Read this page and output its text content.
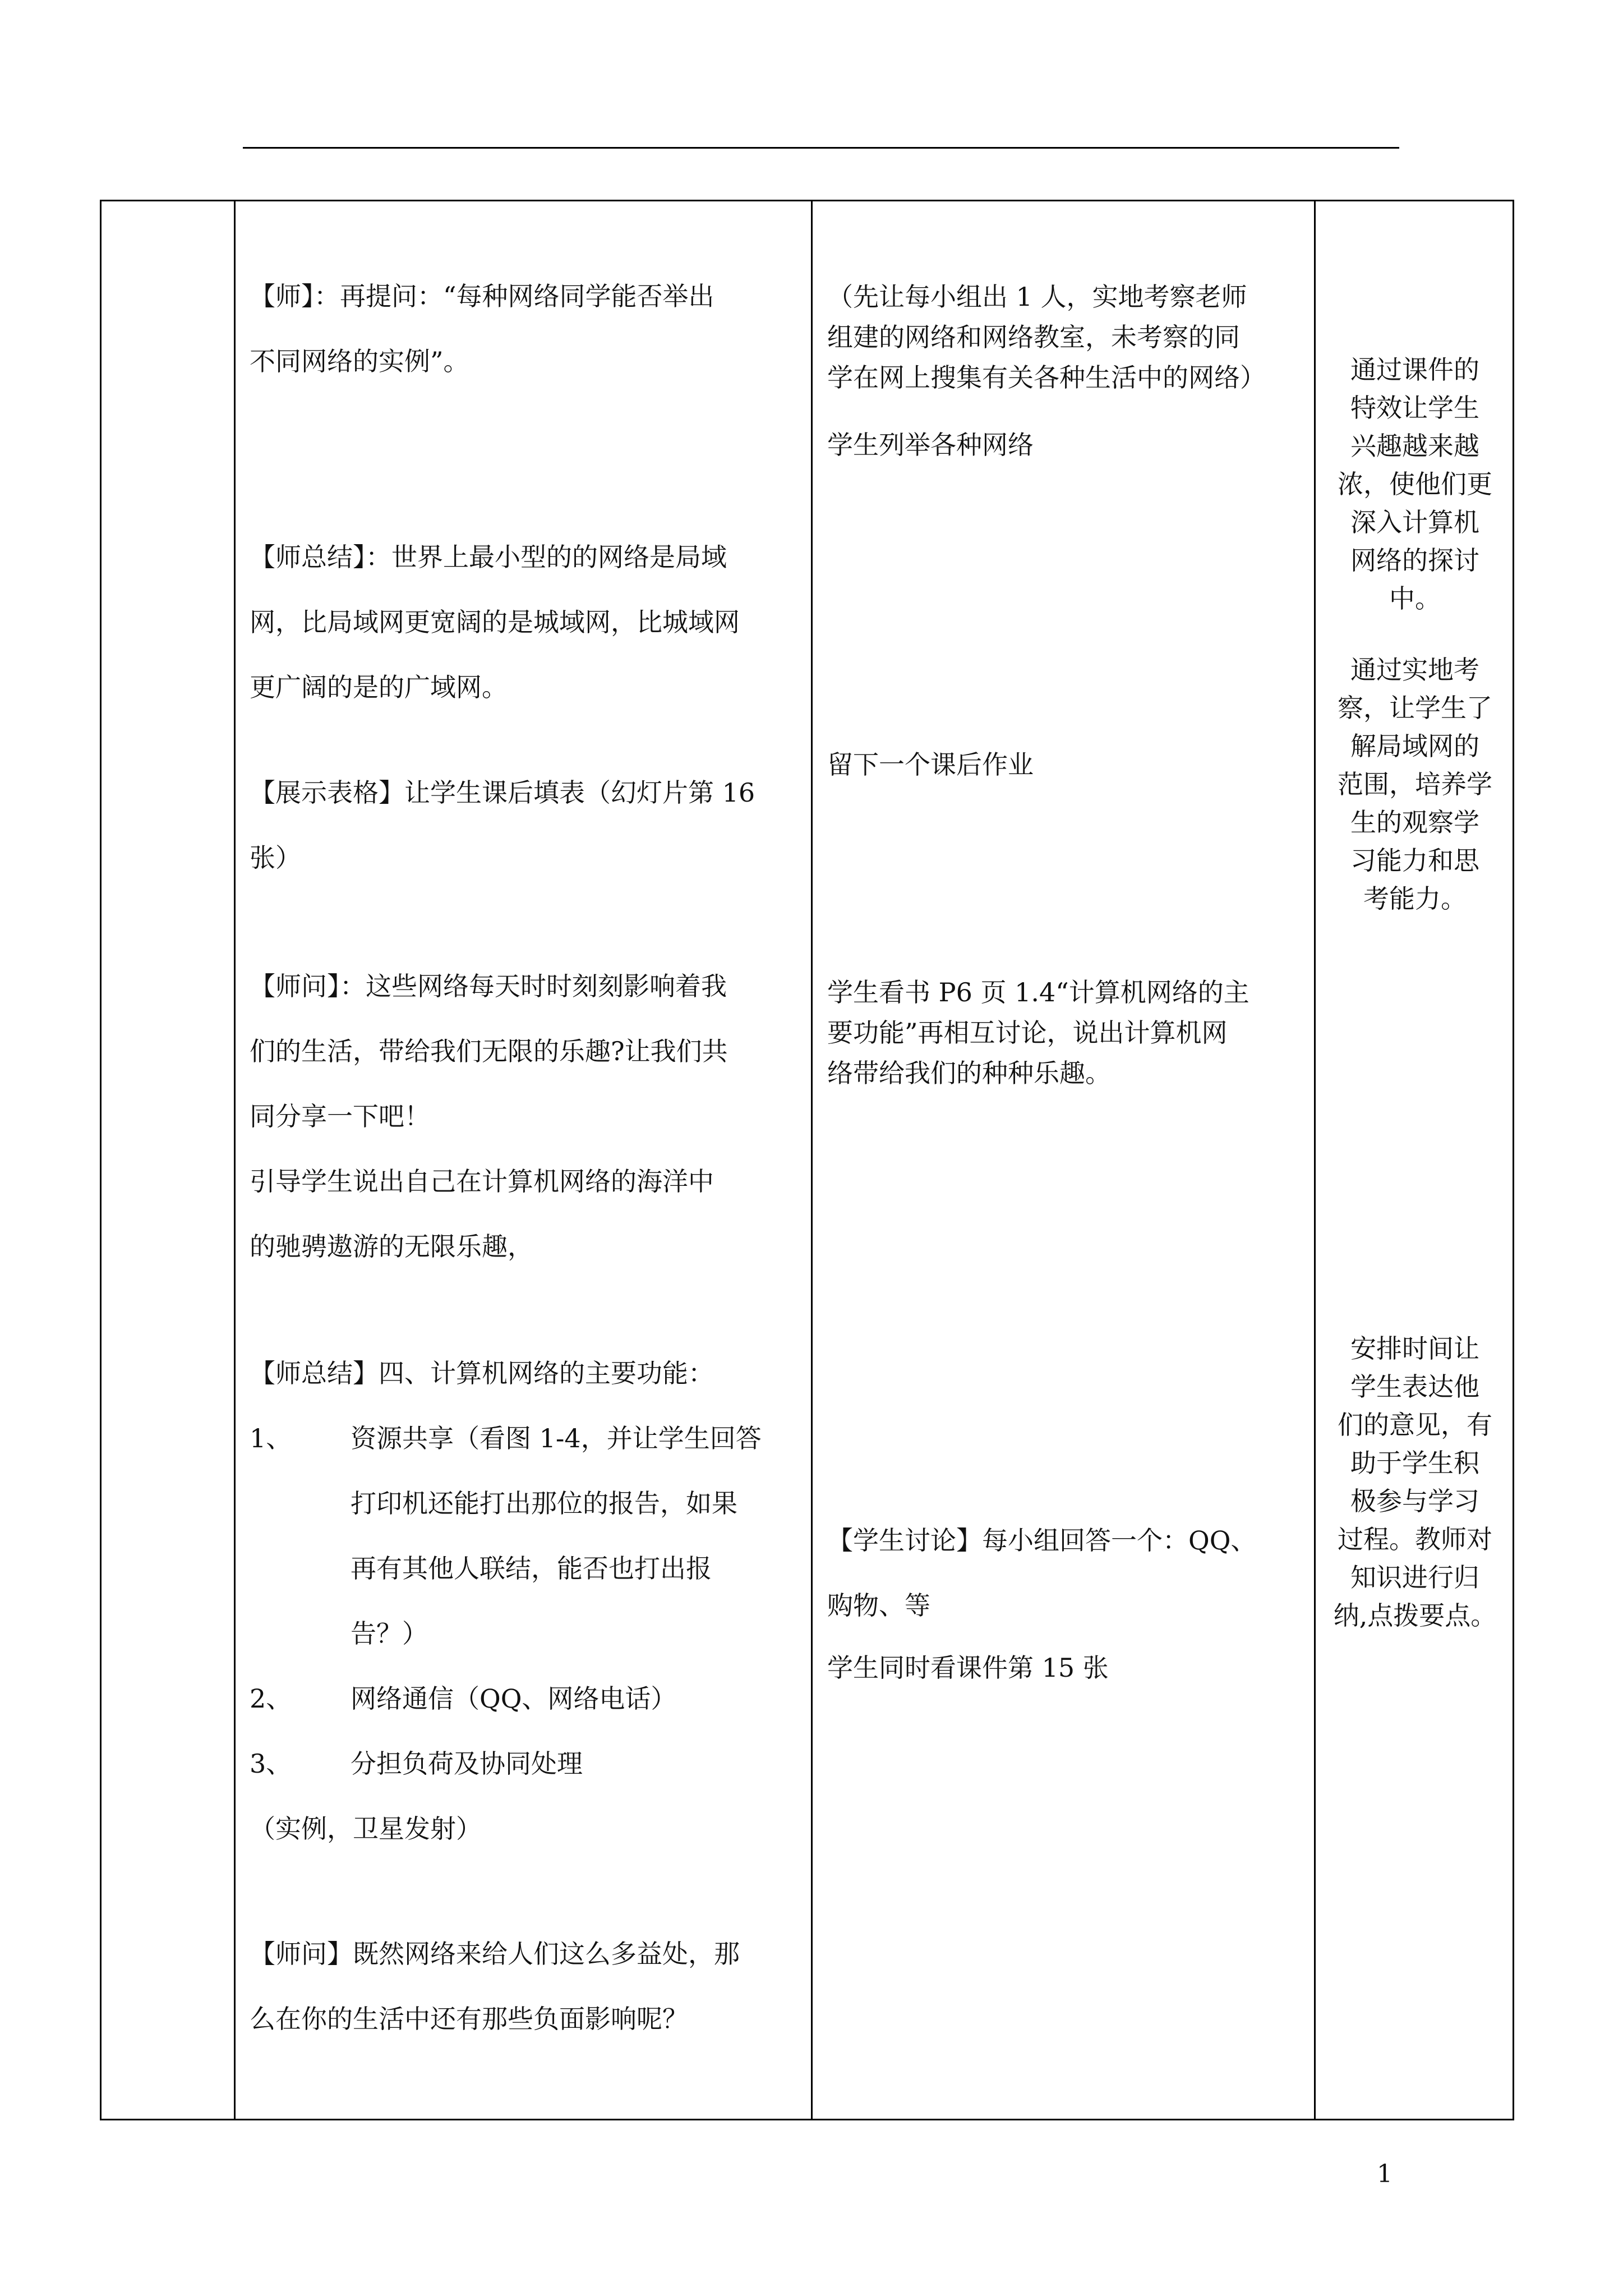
【师】：再提问：“每种网络同学能否举出
不同网络的实例”。
【师总结】：世界上最小型的的网络是局域
网，比局域网更宽阔的是城域网，比城域网
更广阔的是的广域网。
【展示表格】让学生课后填表（幻灯片第 16
张）
【师问】：这些网络每天时时刻刻影响着我
们的生活，带给我们无限的乐趣?让我们共
同分享一下吧！
引导学生说出自己在计算机网络的海洋中
的驰骋遨游的无限乐趣，
【师总结】四、计算机网络的主要功能：
1、 资源共享（看图 1-4，并让学生回答
打印机还能打出那位的报告，如果
再有其他人联结，能否也打出报
告？）
2、 网络通信（QQ、网络电话）
3、 分担负荷及协同处理
（实例，卫星发射）
【师问】既然网络来给人们这么多益处，那
么在你的生活中还有那些负面影响呢？
（先让每小组出 1 人，实地考察老师
组建的网络和网络教室，未考察的同
学在网上搜集有关各种生活中的网络）
学生列举各种网络
留下一个课后作业
学生看书 P6 页 1.4“计算机网络的主
要功能”再相互讨论，说出计算机网
络带给我们的种种乐趣。
【学生讨论】每小组回答一个：QQ、
购物、等
学生同时看课件第 15 张
通过课件的
特效让学生
兴趣越来越
浓，使他们更
深入计算机
网络的探讨
中。
通过实地考
察，让学生了
解局域网的
范围，培养学
生的观察学
习能力和思
考能力。
安排时间让
学生表达他
们的意见，有
助于学生积
极参与学习
过程。教师对
知识进行归
纳,点拨要点。
1
